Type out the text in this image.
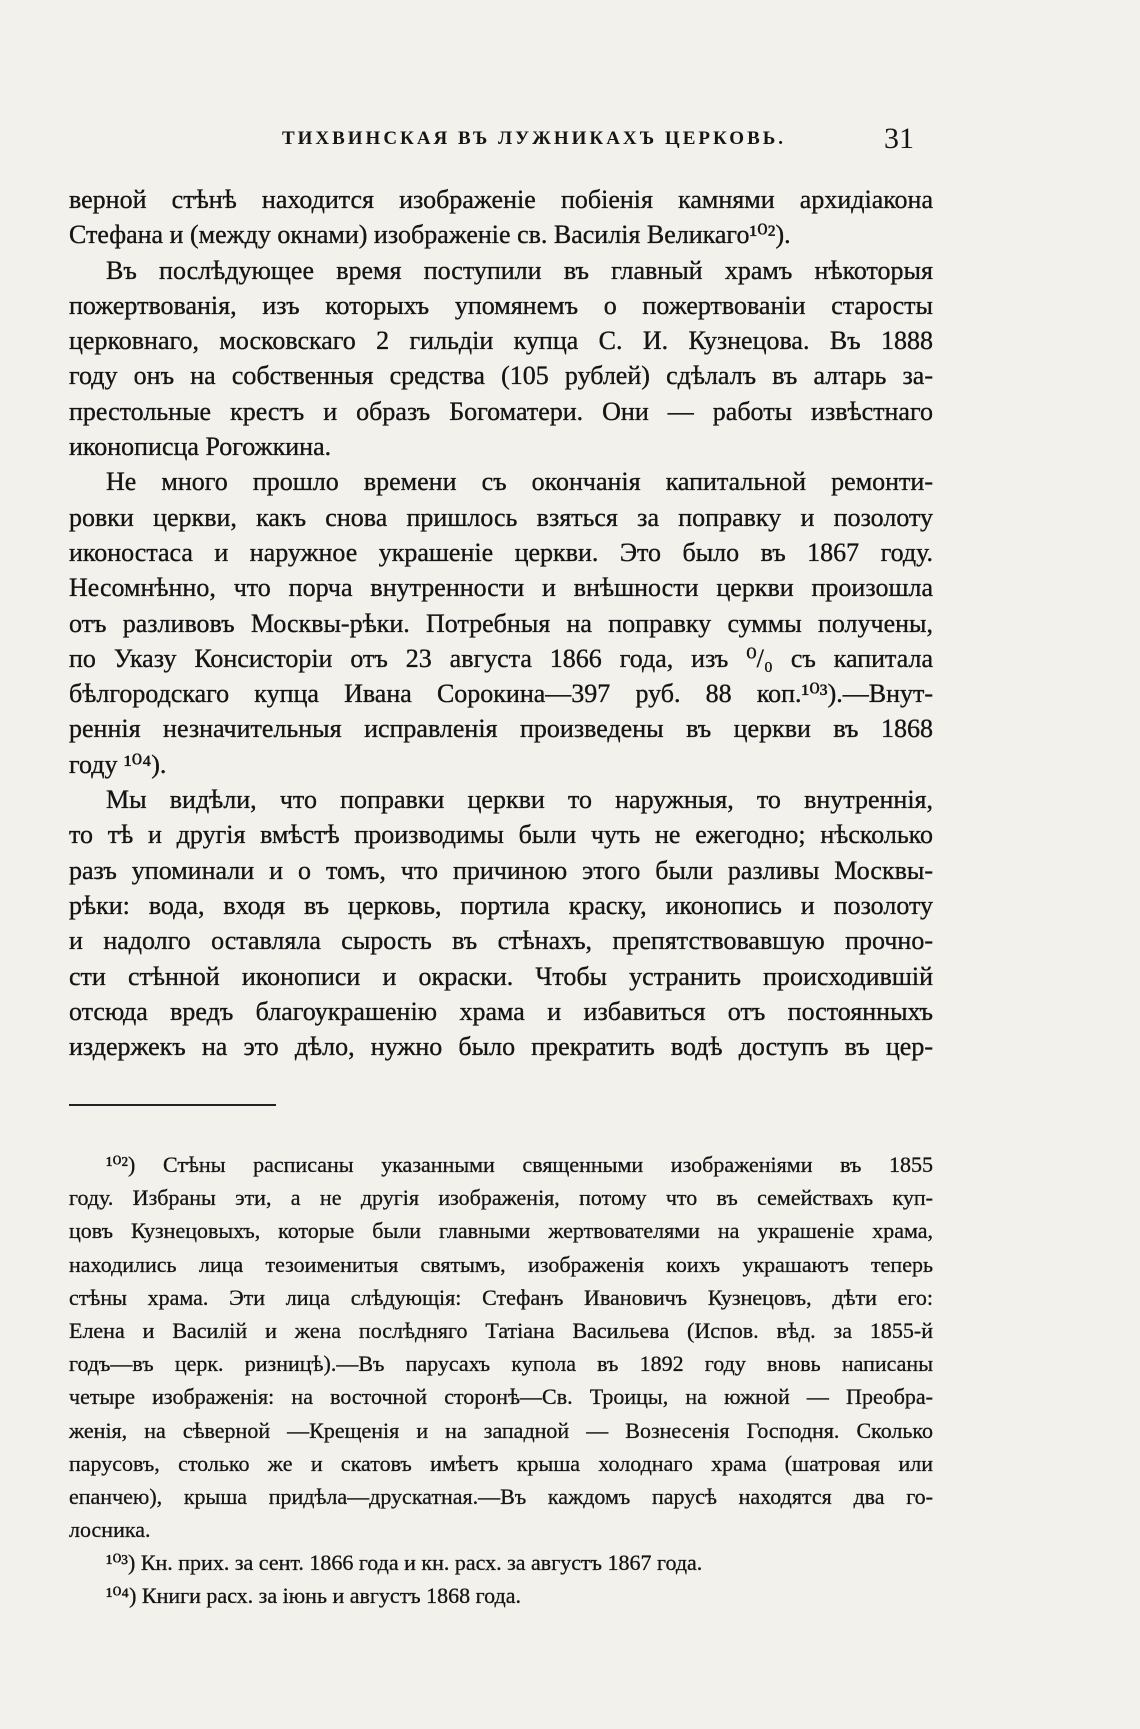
ТИХВИНСКАЯ ВЪ ЛУЖНИКАХЪ ЦЕРКОВЬ.	31
верной стѣнѣ находится изображеніе побіенія камнями архидіакона
Стефана и (между окнами) изображеніе св. Василія Великаго¹⁰²).
Въ послѣдующее время поступили въ главный храмъ нѣкоторыя
пожертвованія, изъ которыхъ упомянемъ о пожертвованіи старосты
церковнаго, московскаго 2 гильдіи купца С. И. Кузнецова. Въ 1888
году онъ на собственныя средства (105 рублей) сдѣлалъ въ алтарь за-
престольные крестъ и образъ Богоматери. Они — работы извѣстнаго
иконописца Рогожкина.
Не много прошло времени съ окончанія капитальной ремонти-
ровки церкви, какъ снова пришлось взяться за поправку и позолоту
иконостаса и наружное украшеніе церкви. Это было въ 1867 году.
Несомнѣнно, что порча внутренности и внѣшности церкви произошла
отъ разливовъ Москвы-рѣки. Потребныя на поправку суммы получены,
по Указу Консисторіи отъ 23 августа 1866 года, изъ ⁰/₀ съ капитала
бѣлгородскаго купца Ивана Сорокина—397 руб. 88 коп.¹⁰³).—Внут-
реннія незначительныя исправленія произведены въ церкви въ 1868
году ¹⁰⁴).
Мы видѣли, что поправки церкви то наружныя, то внутреннія,
то тѣ и другія вмѣстѣ производимы были чуть не ежегодно; нѣсколько
разъ упоминали и о томъ, что причиною этого были разливы Москвы-
рѣки: вода, входя въ церковь, портила краску, иконопись и позолоту
и надолго оставляла сырость въ стѣнахъ, препятствовавшую прочно-
сти стѣнной иконописи и окраски. Чтобы устранить происходившій
отсюда вредъ благоукрашенію храма и избавиться отъ постоянныхъ
издержекъ на это дѣло, нужно было прекратить водѣ доступъ въ цер-
¹⁰²) Стѣны расписаны указанными священными изображеніями въ 1855
году. Избраны эти, а не другія изображенія, потому что въ семействахъ куп-
цовъ Кузнецовыхъ, которые были главными жертвователями на украшеніе храма,
находились лица тезоименитыя святымъ, изображенія коихъ украшаютъ теперь
стѣны храма. Эти лица слѣдующія: Стефанъ Ивановичъ Кузнецовъ, дѣти его:
Елена и Василій и жена послѣдняго Татіана Васильева (Испов. вѣд. за 1855-й
годъ—въ церк. ризницѣ).—Въ парусахъ купола въ 1892 году вновь написаны
четыре изображенія: на восточной сторонѣ—Св. Троицы, на южной — Преобра-
женія, на сѣверной —Крещенія и на западной — Вознесенія Господня. Сколько
парусовъ, столько же и скатовъ имѣетъ крыша холоднаго храма (шатровая или
епанчею), крыша придѣла—друскатная.—Въ каждомъ парусѣ находятся два го-
лосника.
¹⁰³) Кн. прих. за сент. 1866 года и кн. расх. за августъ 1867 года.
¹⁰⁴) Книги расх. за іюнь и августъ 1868 года.
